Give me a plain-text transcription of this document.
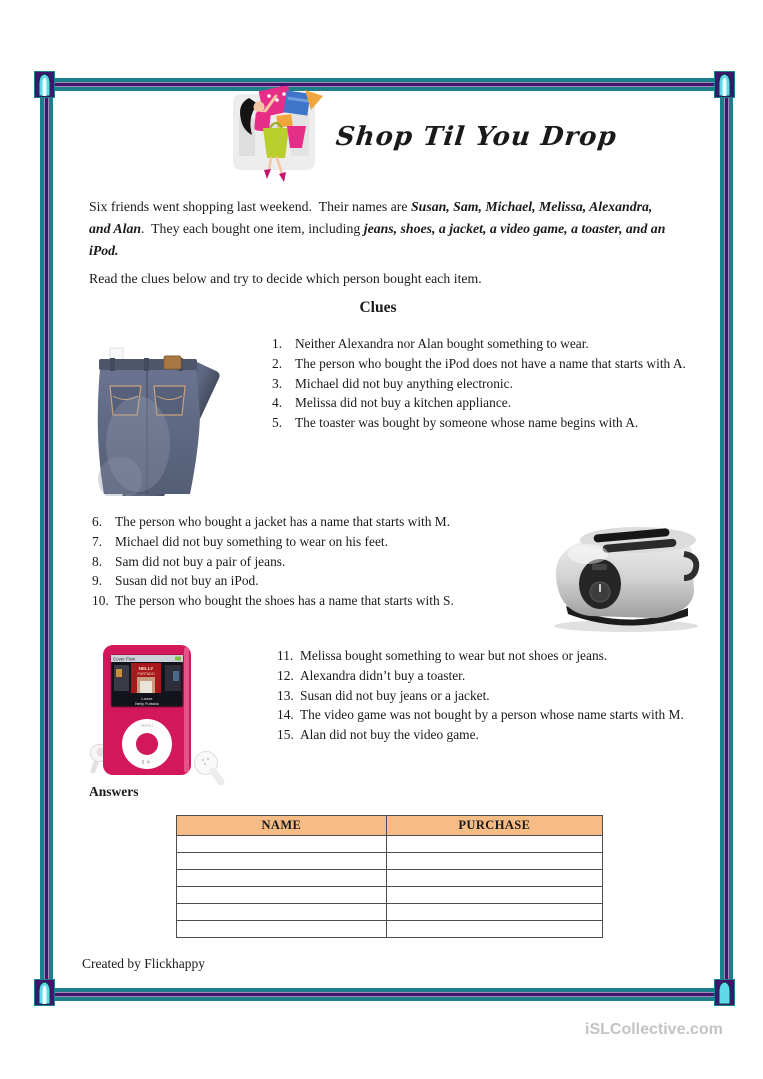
Shop Til You Drop
Six friends went shopping last weekend.  Their names are Susan, Sam, Michael, Melissa, Alexandra, and Alan.  They each bought one item, including jeans, shoes, a jacket, a video game, a toaster, and an iPod.
Read the clues below and try to decide which person bought each item.
Clues
1. Neither Alexandra nor Alan bought something to wear.
2. The person who bought the iPod does not have a name that starts with A.
3. Michael did not buy anything electronic.
4. Melissa did not buy a kitchen appliance.
5. The toaster was bought by someone whose name begins with A.
6. The person who bought a jacket has a name that starts with M.
7. Michael did not buy something to wear on his feet.
8. Sam did not buy a pair of jeans.
9. Susan did not buy an iPod.
10. The person who bought the shoes has a name that starts with S.
11. Melissa bought something to wear but not shoes or jeans.
12. Alexandra didn’t buy a toaster.
13. Susan did not buy jeans or a jacket.
14. The video game was not bought by a person whose name starts with M.
15. Alan did not buy the video game.
Cover Flow
NELLY
FURTADO
Loose
Nelly Furtado
MENU
Answers
NAME	PURCHASE

Created by Flickhappy
iSLCollective.com
